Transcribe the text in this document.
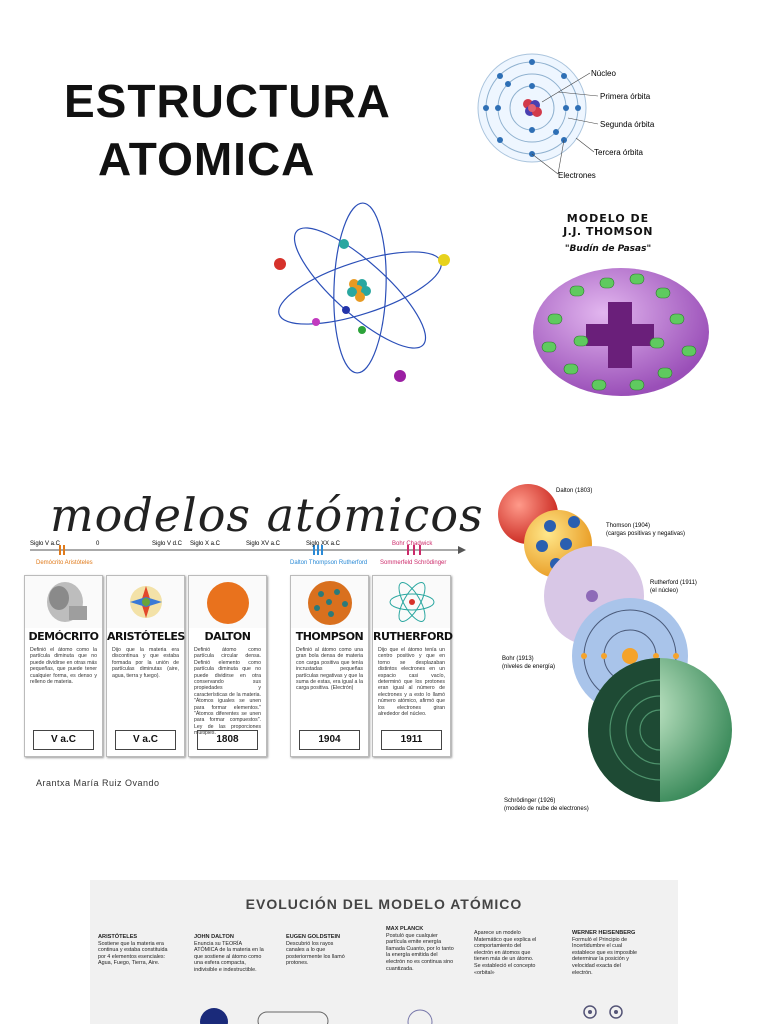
ESTRUCTURA
ATOMICA
Núcleo
Primera órbita
Segunda órbita
Tercera órbita
Electrones
MODELO DE
J.J. THOMSON
"Budín de Pasas"
modelos atómicos
Siglo V a.C	0	Siglo V d.C Siglo X a.C	Siglo XV a.C	Siglo XX a.C
Demócrito Aristóteles	Dalton Thompson Rutherford
Bohr Chadwick
Sommerfeld Schrödinger
DEMÓCRITO
Definió el átomo como la partícula diminuta que no puede dividirse en otras más pequeñas, que puede tener cualquier forma, es denso y relleno de materia.
V a.C
ARISTÓTELES
Dijo que la materia era discontinua y que estaba formada por la unión de partículas diminutas (aire, agua, tierra y fuego).
V a.C
DALTON
Definió átomo como partícula circular densa. Definió elemento como partícula diminuta que no puede dividirse en otra conservando sus propiedades y características de la materia. "Átomos iguales se unen para formar elementos." "Átomos diferentes se unen para formar compuestos". Ley de las proporciones múltiples.
1808
THOMPSON
Definió al átomo como una gran bola densa de materia con carga positiva que tenía incrustadas pequeñas partículas negativas y que la suma de estas, era igual a la carga positiva. (Electrón)
1904
RUTHERFORD
Dijo que el átomo tenía un centro positivo y que en torno se desplazaban distintos electrones en un espacio casi vacío, determinó que los protones eran igual al número de electrones y a esto lo llamó número atómico, afirmó que los electrones giran alrededor del núcleo.
1911
Arantxa María Ruiz Ovando
Dalton (1803)
Thomson (1904)
(cargas positivas y negativas)
Rutherford (1911)
(el núcleo)
Bohr (1913)
(niveles de energía)
Schrödinger (1926)
(modelo de nube de electrones)
EVOLUCIÓN DEL MODELO ATÓMICO
ARISTÓTELES
Sostiene que la materia era continua y estaba constituida por 4 elementos esenciales: Agua, Fuego, Tierra, Aire.
JOHN DALTON
Enuncia su TEORÍA ATÓMICA de la materia en la que sostiene al átomo como una esfera compacta, indivisible e indestructible.
EUGEN GOLDSTEIN
Descubrió los rayos canales a lo que posteriormente los llamó protones.
MAX PLANCK
Postuló que cualquier partícula emite energía llamada Cuanto, por lo tanto la energía emitida del electrón no es continua sino cuantizada.
Aparece un modelo Matemático que explica el comportamiento del electrón en átomos que tienen más de un átomo. Se estableció el concepto «orbital»
WERNER HEISENBERG
Formuló el Principio de Incertidumbre el cual establece que es imposible determinar la posición y velocidad exacta del electrón.
